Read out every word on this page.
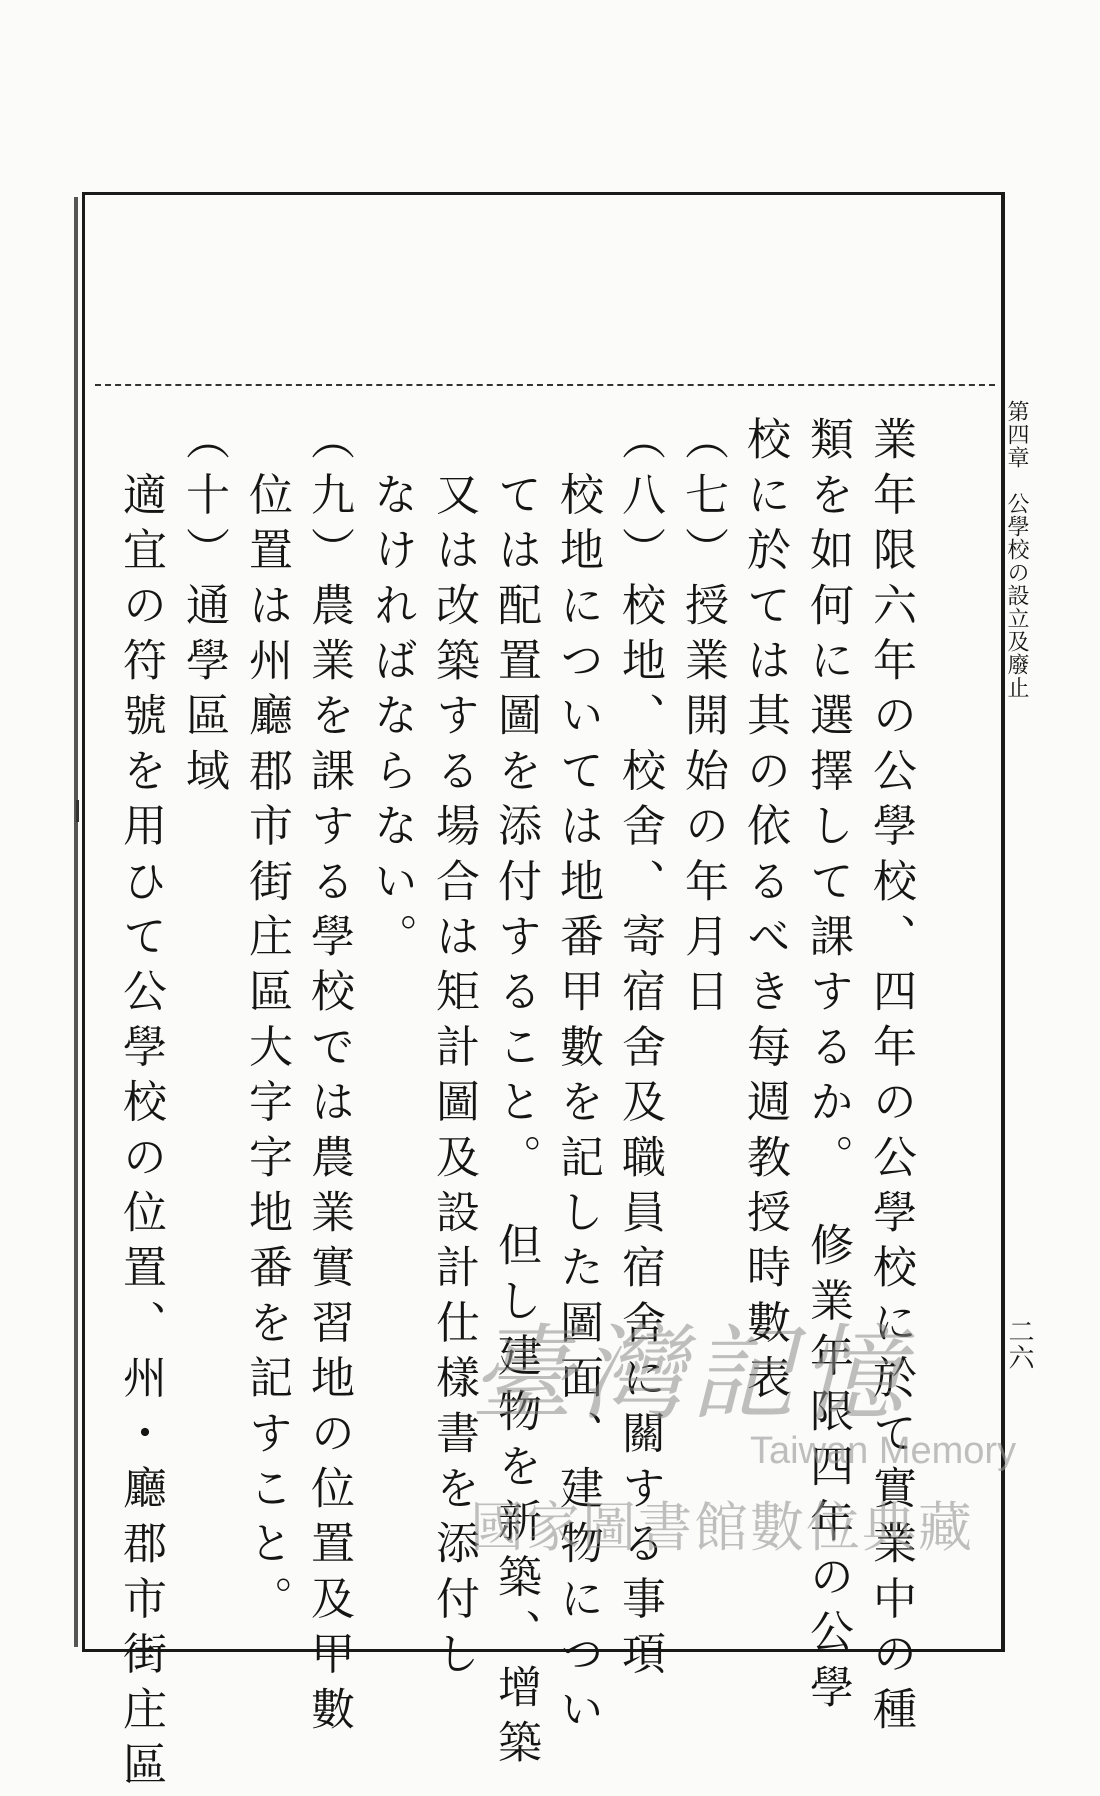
第四章　公學校の設立及廢止
二六
業年限六年の公學校、四年の公學校に於て實業中の種
類を如何に選擇して課するか。　修業年限四年の公學
校に於ては其の依るべき每週教授時數表
（七）授業開始の年月日
（八）校地、校舍、寄宿舍及職員宿舍に關する事項
　校地については地番甲數を記した圖面、建物につい
　ては配置圖を添付すること。　但し建物を新築、增築
　又は改築する場合は矩計圖及設計仕樣書を添付し
　なければならない。
（九）農業を課する學校では農業實習地の位置及甲數
　位置は州廳郡市街庄區大字字地番を記すこと。
（十）通學區域
　適宜の符號を用ひて公學校の位置、州・廳郡市街庄區	臺灣記憶
Taiwan Memory
國家圖書館數位典藏
